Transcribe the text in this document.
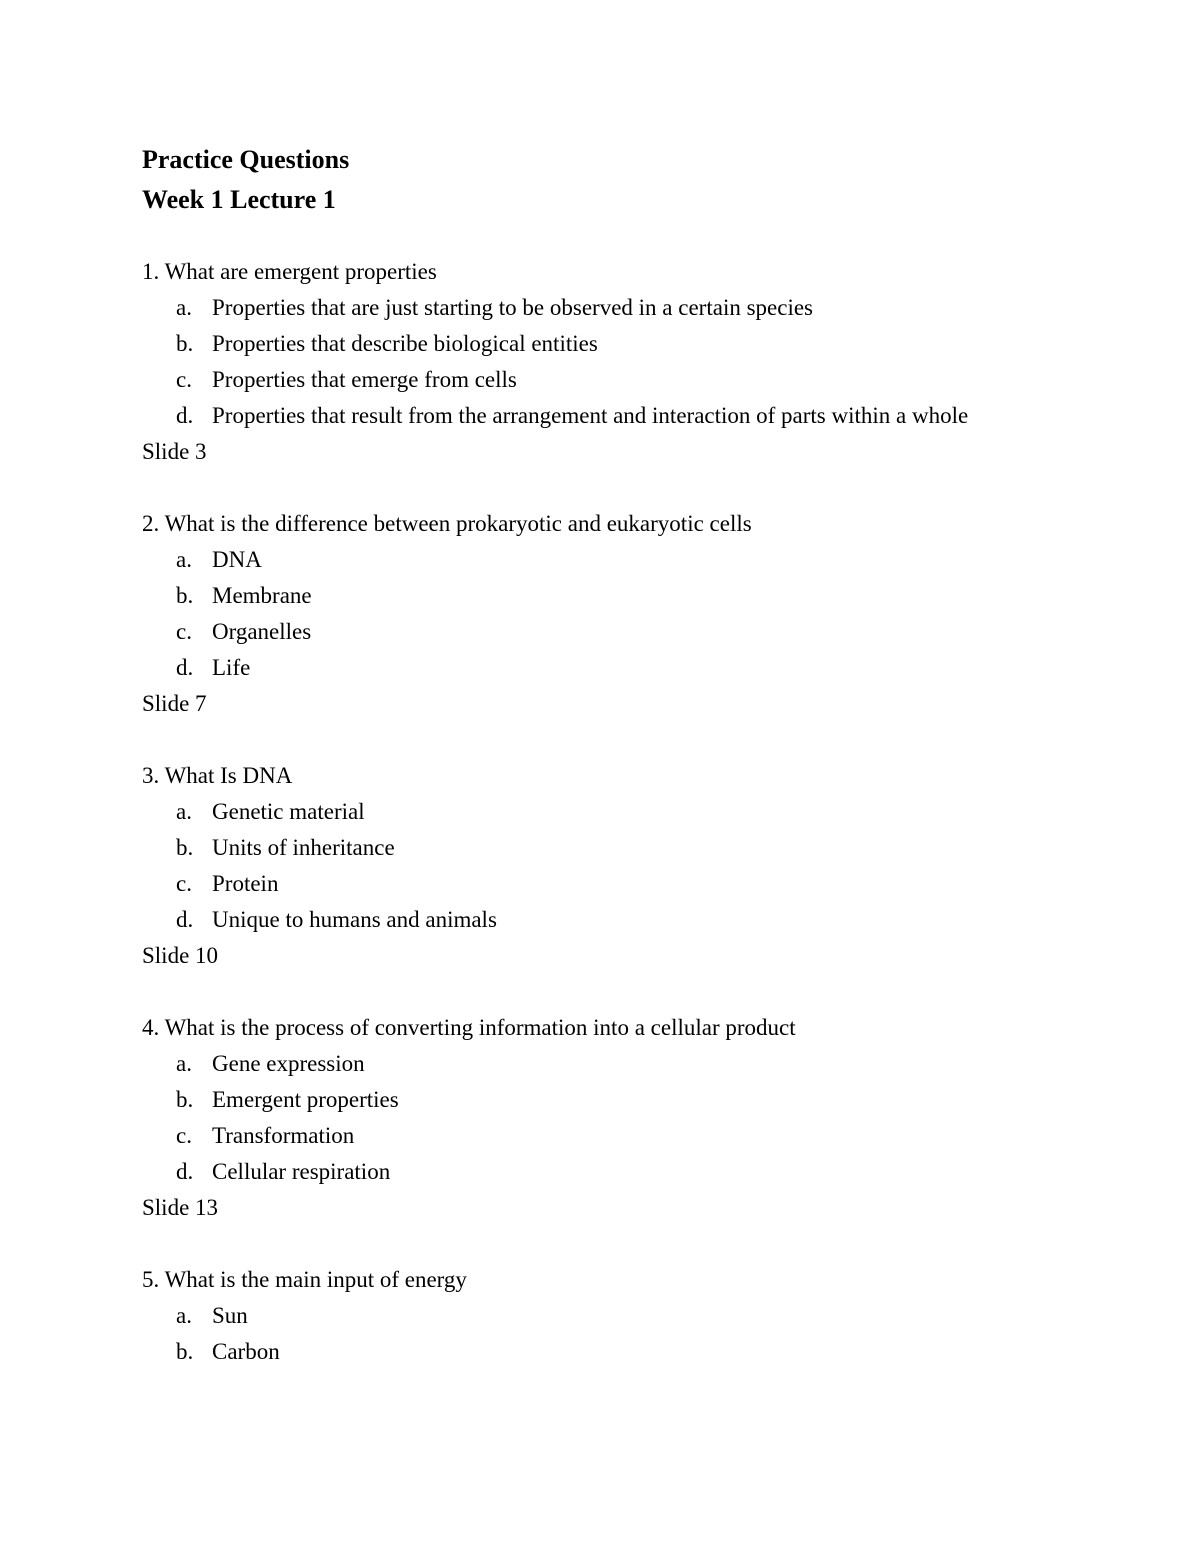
Practice Questions

Week 1 Lecture 1

1. What are emergent properties

a. Properties that are just starting to be observed in a certain species
b. Properties that describe biological entities
c. Properties that emerge from cells
d. Properties that result from the arrangement and interaction of parts within a whole

Slide 3

2. What is the difference between prokaryotic and eukaryotic cells

a. DNA
b. Membrane
c. Organelles
d. Life

Slide 7

3. What Is DNA

a. Genetic material
b. Units of inheritance
c. Protein
d. Unique to humans and animals

Slide 10

4. What is the process of converting information into a cellular product

a. Gene expression
b. Emergent properties
c. Transformation
d. Cellular respiration

Slide 13

5. What is the main input of energy

a. Sun
b. Carbon
